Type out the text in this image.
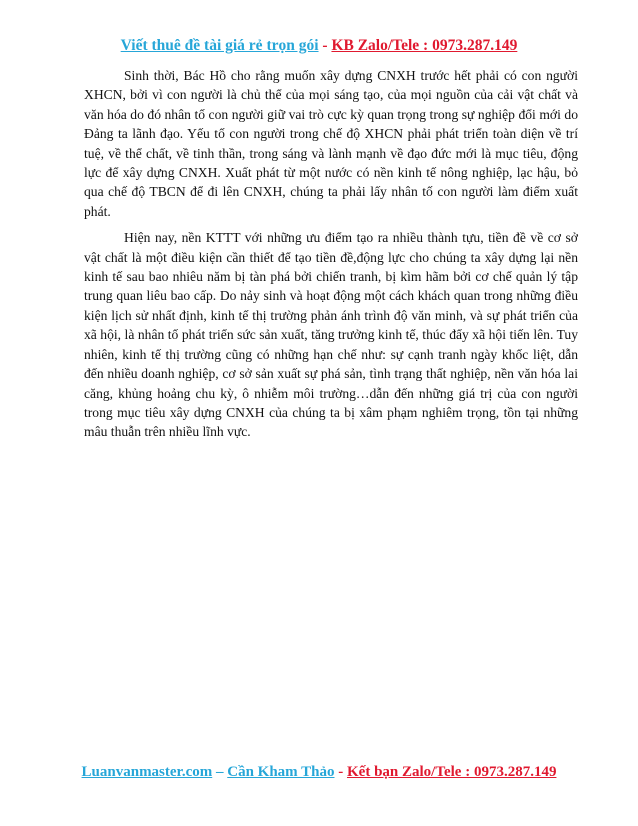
Viết thuê đề tài giá rẻ trọn gói - KB Zalo/Tele : 0973.287.149

Sinh thời, Bác Hồ cho rằng muốn xây dựng CNXH trước hết phải có con người XHCN, bởi vì con người là chủ thể của mọi sáng tạo, của mọi nguồn của cải vật chất và văn hóa do đó nhân tố con người giữ vai trò cực kỳ quan trọng trong sự nghiệp đổi mới do Đảng ta lãnh đạo. Yếu tố con người trong chế độ XHCN phải phát triển toàn diện về trí tuệ, về thể chất, về tinh thần, trong sáng và lành mạnh về đạo đức mới là mục tiêu, động lực để xây dựng CNXH. Xuất phát từ một nước có nền kinh tế nông nghiệp, lạc hậu, bỏ qua chế độ TBCN để đi lên CNXH, chúng ta phải lấy nhân tố con người làm điểm xuất phát.

Hiện nay, nền KTTT với những ưu điểm tạo ra nhiều thành tựu, tiền đề về cơ sở vật chất là một điều kiện cần thiết để tạo tiền đề,động lực cho chúng ta xây dựng lại nền kinh tế sau bao nhiêu năm bị tàn phá bởi chiến tranh, bị kìm hãm bởi cơ chế quản lý tập trung quan liêu bao cấp. Do nảy sinh và hoạt động một cách khách quan trong những điều kiện lịch sử nhất định, kinh tế thị trường phản ánh trình độ văn minh, và sự phát triển của xã hội, là nhân tố phát triển sức sản xuất, tăng trưởng kinh tế, thúc đẩy xã hội tiến lên. Tuy nhiên, kinh tế thị trường cũng có những hạn chế như: sự cạnh tranh ngày khốc liệt, dẫn đến nhiều doanh nghiệp, cơ sở sản xuất sự phá sản, tình trạng thất nghiệp, nền văn hóa lai căng, khủng hoảng chu kỳ, ô nhiễm môi trường…dẫn đến những giá trị của con người trong mục tiêu xây dựng CNXH của chúng ta bị xâm phạm nghiêm trọng, tồn tại những mâu thuẫn trên nhiều lĩnh vực.

Luanvanmaster.com – Cần Kham Thảo - Kết bạn Zalo/Tele : 0973.287.149
